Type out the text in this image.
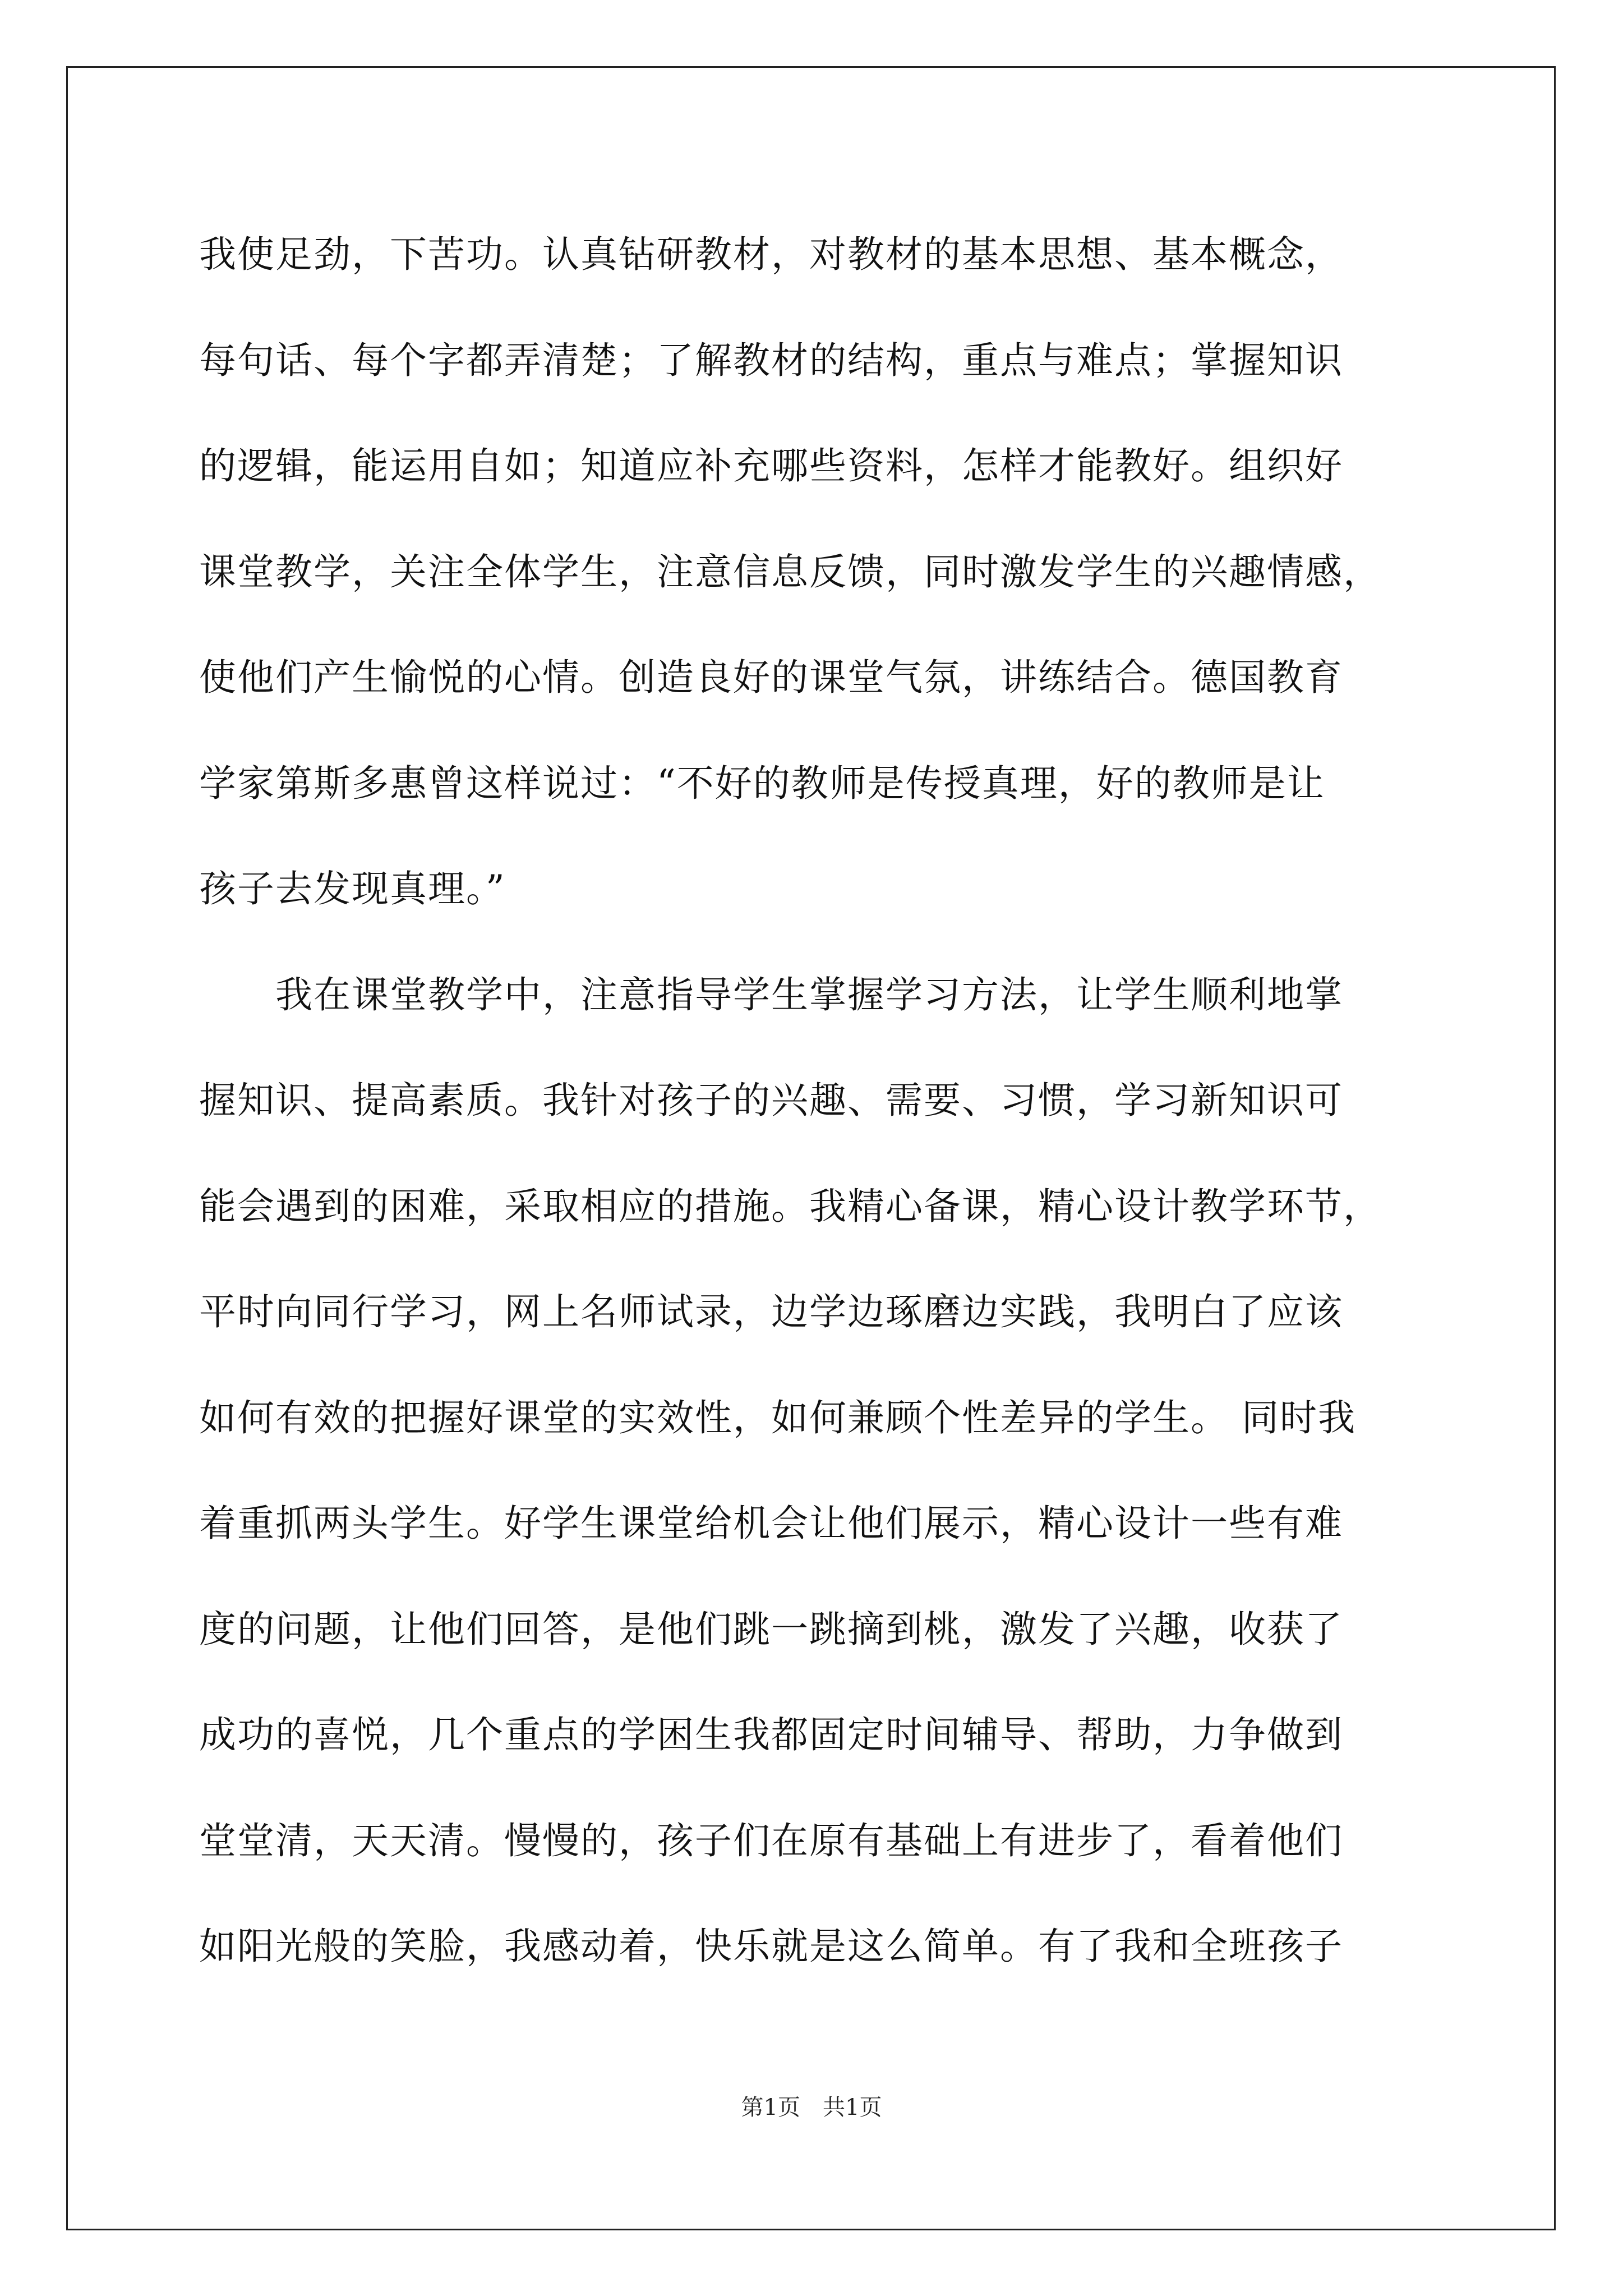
我使足劲，下苦功。认真钻研教材，对教材的基本思想、基本概念，
每句话、每个字都弄清楚；了解教材的结构，重点与难点；掌握知识
的逻辑，能运用自如；知道应补充哪些资料，怎样才能教好。组织好
课堂教学，关注全体学生，注意信息反馈，同时激发学生的兴趣情感，
使他们产生愉悦的心情。创造良好的课堂气氛，讲练结合。德国教育
学家第斯多惠曾这样说过：“不好的教师是传授真理，好的教师是让
孩子去发现真理。”
　　我在课堂教学中，注意指导学生掌握学习方法，让学生顺利地掌
握知识、提高素质。我针对孩子的兴趣、需要、习惯，学习新知识可
能会遇到的困难，采取相应的措施。我精心备课，精心设计教学环节，
平时向同行学习，网上名师试录，边学边琢磨边实践，我明白了应该
如何有效的把握好课堂的实效性，如何兼顾个性差异的学生。 同时我
着重抓两头学生。好学生课堂给机会让他们展示，精心设计一些有难
度的问题，让他们回答，是他们跳一跳摘到桃，激发了兴趣，收获了
成功的喜悦，几个重点的学困生我都固定时间辅导、帮助，力争做到
堂堂清，天天清。慢慢的，孩子们在原有基础上有进步了，看着他们
如阳光般的笑脸，我感动着，快乐就是这么简单。有了我和全班孩子
第1页　共1页
